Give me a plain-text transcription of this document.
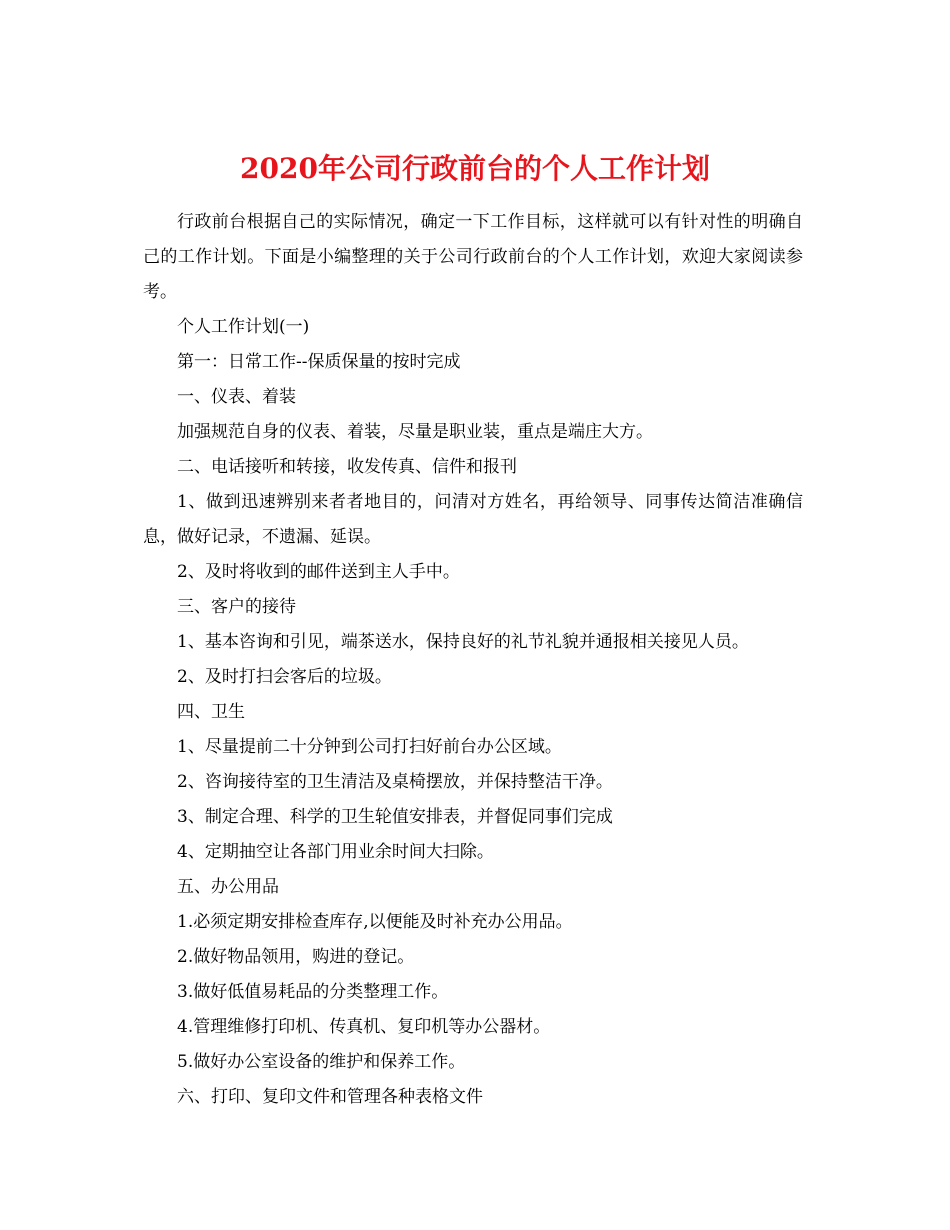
2020年公司行政前台的个人工作计划

行政前台根据自己的实际情况，确定一下工作目标，这样就可以有针对性的明确自己的工作计划。下面是小编整理的关于公司行政前台的个人工作计划，欢迎大家阅读参考。

个人工作计划(一)

第一：日常工作--保质保量的按时完成

一、仪表、着装

加强规范自身的仪表、着装，尽量是职业装，重点是端庄大方。

二、电话接听和转接，收发传真、信件和报刊

1、做到迅速辨别来者者地目的，问清对方姓名，再给领导、同事传达简洁准确信息，做好记录，不遗漏、延误。

2、及时将收到的邮件送到主人手中。

三、客户的接待

1、基本咨询和引见，端茶送水，保持良好的礼节礼貌并通报相关接见人员。

2、及时打扫会客后的垃圾。

四、卫生

1、尽量提前二十分钟到公司打扫好前台办公区域。

2、咨询接待室的卫生清洁及桌椅摆放，并保持整洁干净。

3、制定合理、科学的卫生轮值安排表，并督促同事们完成

4、定期抽空让各部门用业余时间大扫除。

五、办公用品

1.必须定期安排检查库存,以便能及时补充办公用品。

2.做好物品领用，购进的登记。

3.做好低值易耗品的分类整理工作。

4.管理维修打印机、传真机、复印机等办公器材。

5.做好办公室设备的维护和保养工作。

六、打印、复印文件和管理各种表格文件
